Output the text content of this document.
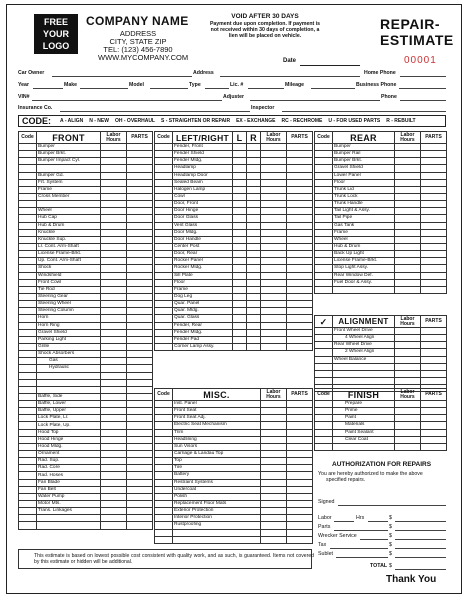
FREE
YOUR
LOGO
COMPANY NAME
ADDRESS
CITY, STATE ZIP
TEL: (123) 456-7890
WWW.MYCOMPANY.COM
VOID AFTER 30 DAYS
Payment due upon completion. If payment is
not received within 30 days of completion, a
lien will be placed on vehicle.
REPAIR-
ESTIMATE
00001
Date
Car Owner	Address	Home Phone
Year	Make	Model	Type	Lic. #	Mileage	Business Phone
VIN#	Adjuster	Phone
Insurance Co.	Inspector
CODE:	A - ALIGN	N - NEW	OH - OVERHAUL	S - STRAIGHTEN OR REPAIR	EX - EXCHANGE	RC - RECHROME	U - FOR USED PARTS	R - REBUILT
Code	FRONT	Labor
Hours	PARTS
	Bumper		
	Bumper Brkt.		
	Bumper Impact Cyl.		

	Bumper Gd.		
	Frt. System		
	Frame		
	Cross Member		

	Wheel		
	Hub Cap		
	Hub & Drum		
	Knuckle		
	Knuckle Sup.		
	Lr. Cont. Arm-Shaft		
	License Frame-Brkt.		
	Up. Cont. Arm-Shaft		
	Shock		
	Windshield		
	Front Cowl		
	Tie Rod		
	Steering Gear		
	Steering Wheel		
	Steering Column		
	Horn		
	Horn Ring		
	Gravel Shield		
	Parking Light		
	Grille		
	Shock Absorbers		
	Gas		
	Hydraulic		

	Baffle, Side		
	Baffle, Lower		
	Baffle, Upper		
	Lock Plate, Lr.		
	Lock Plate, Up.		
	Hood Top		
	Hood Hinge		
	Hood Mldg.		
	Ornament		
	Rad. Sup.		
	Rad. Core		
	Rad. Hoses		
	Fan Blade		
	Fan Belt		
	Water Pump		
	Motor Mts.		
	Trans. Linkages		

Code	LEFT/RIGHT	L	R	Labor
Hours	PARTS
	Fender, Front				
	Fender Shield				
	Fender Mldg.				
	Headlamp				
	Headlamp Door				
	Sealed Beam				
	Halogen Lamp				
	Cowl				
	Door, Front				
	Door Hinge				
	Door Glass				
	Vent Glass				
	Door Mldg.				
	Door Handle				
	Center Post				
	Door, Rear				
	Rocker Panel				
	Rocker Mldg.				
	Sill Plate				
	Floor				
	Frame				
	Dog Leg				
	Quar. Panel				
	Quar. Mldg.				
	Quar. Glass				
	Fender, Rear				
	Fender Mldg.				
	Fender Pad				
	Corner Lamp Assy.				
Code	MISC.	Labor
Hours	PARTS
	Inst. Panel		
	Front Seat		
	Front Seat Adj.		
	Electric Seat Mechanism		
	Trim		
	Headlining		
	Sun Visors		
	Carriage & Landau Top		
	Top		
	Tire		
	Battery		
	Restraint Systems		
	Undercoat		
	Polish		
	Replacement Floor Mats		
	Exterior Protection		
	Interior Protection		
	Rustproofing		

Code	REAR	Labor
Hours	PARTS
	Bumper		
	Bumper Rail		
	Bumper Brkt.		
	Gravel Shield		
	Lower Panel		
	Floor		
	Trunk Lid		
	Trunk Lock		
	Trunk Handle		
	Tail Light & Assy.		
	Tail Pipe		
	Gas Tank		
	Frame		
	Wheel		
	Hub & Drum		
	Back Up Light		
	License Frame-Brkt.		
	Stop Light Assy.		
	Rear Window Def.		
	Fuel Door & Assy.		

✓	ALIGNMENT	Labor
Hours	PARTS
	Front Wheel Drive		
	4 Wheel Align		
	Rear Wheel Drive		
	2 Wheel Align		
	Wheel Balance		

Code	FINISH	Labor
Hours	PARTS
	Prepare		
	Prime		
	Paint		
	Materials		
	Paint Sealant		
	Clear Coat		

AUTHORIZATION FOR REPAIRS
You are hereby authorized to make the above
specified repairs.
Signed
Labor	Hrs	$
Parts	$
Wrecker Service	$
Tax	$
Sublet	$
TOTAL $
This estimate is based on lowest possible cost consistent with quality work, and as such, is guaranteed. Items not covered by this estimate or hidden will be additional.
Thank You
